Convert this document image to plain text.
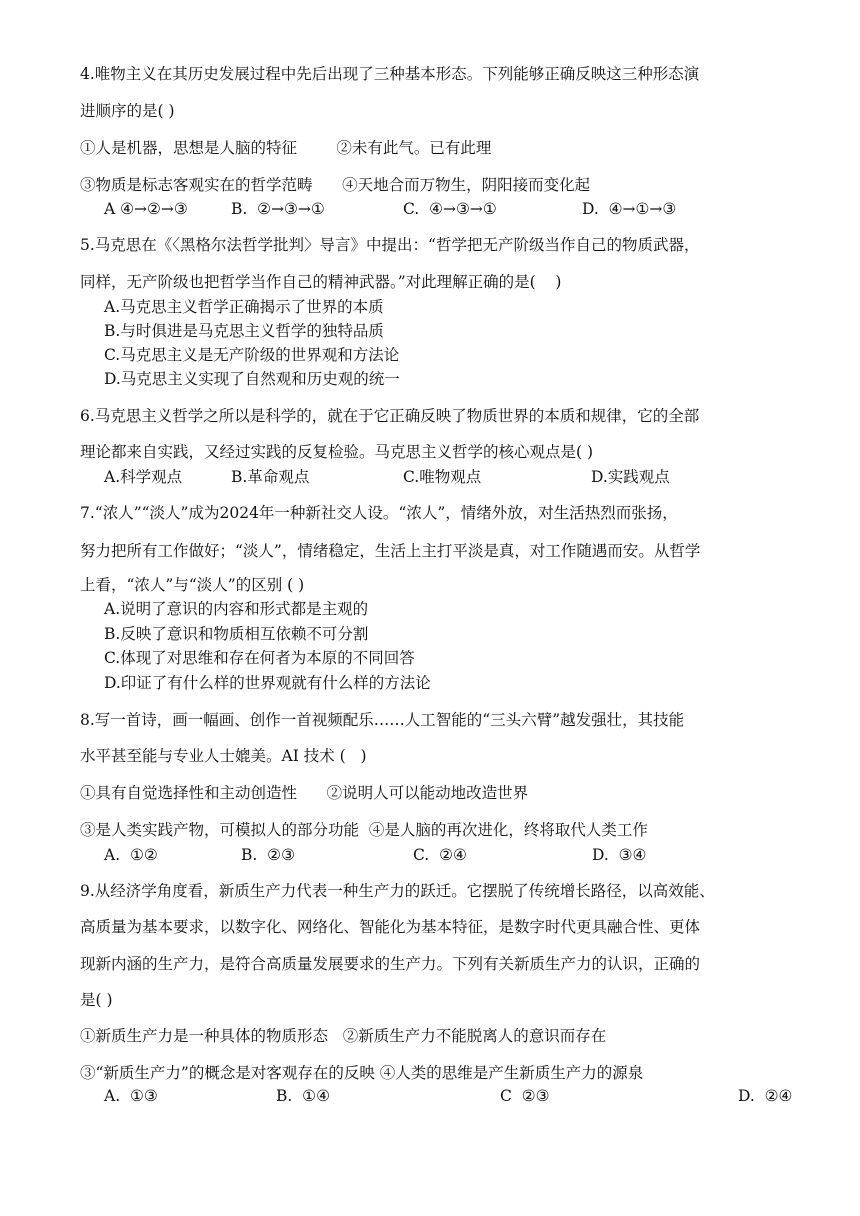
4.唯物主义在其历史发展过程中先后出现了三种基本形态。下列能够正确反映这三种形态演
进顺序的是( )
①人是机器，思想是人脑的特征        ②未有此气。已有此理
③物质是标志客观实在的哲学范畴      ④天地合而万物生，阴阳接而变化起
A ④→②→③	B.  ②→③→①	C.  ④→③→①	D.  ④→①→③
5.马克思在《〈黑格尔法哲学批判〉导言》中提出：“哲学把无产阶级当作自己的物质武器，
同样，无产阶级也把哲学当作自己的精神武器。”对此理解正确的是(    )
A.马克思主义哲学正确揭示了世界的本质
B.与时俱进是马克思主义哲学的独特品质
C.马克思主义是无产阶级的世界观和方法论
D.马克思主义实现了自然观和历史观的统一
6.马克思主义哲学之所以是科学的，就在于它正确反映了物质世界的本质和规律，它的全部
理论都来自实践，又经过实践的反复检验。马克思主义哲学的核心观点是( )
A.科学观点	B.革命观点	C.唯物观点	D.实践观点
7.“浓人”“淡人”成为2024年一种新社交人设。“浓人”，情绪外放，对生活热烈而张扬，
努力把所有工作做好；“淡人”，情绪稳定，生活上主打平淡是真，对工作随遇而安。从哲学
上看，“浓人”与“淡人”的区别 ( )
A.说明了意识的内容和形式都是主观的
B.反映了意识和物质相互依赖不可分割
C.体现了对思维和存在何者为本原的不同回答
D.印证了有什么样的世界观就有什么样的方法论
8.写一首诗，画一幅画、创作一首视频配乐……人工智能的“三头六臂”越发强壮，其技能
水平甚至能与专业人士媲美。AI 技术 (   )
①具有自觉选择性和主动创造性      ②说明人可以能动地改造世界
③是人类实践产物，可模拟人的部分功能  ④是人脑的再次进化，终将取代人类工作
A.  ①②	B.  ②③	C.  ②④	D.  ③④
9.从经济学角度看，新质生产力代表一种生产力的跃迁。它摆脱了传统增长路径，以高效能、
高质量为基本要求，以数字化、网络化、智能化为基本特征，是数字时代更具融合性、更体
现新内涵的生产力，是符合高质量发展要求的生产力。下列有关新质生产力的认识，正确的
是( )
①新质生产力是一种具体的物质形态   ②新质生产力不能脱离人的意识而存在
③“新质生产力”的概念是对客观存在的反映 ④人类的思维是产生新质生产力的源泉
A.  ①③	B.  ①④	C  ②③	D.  ②④
